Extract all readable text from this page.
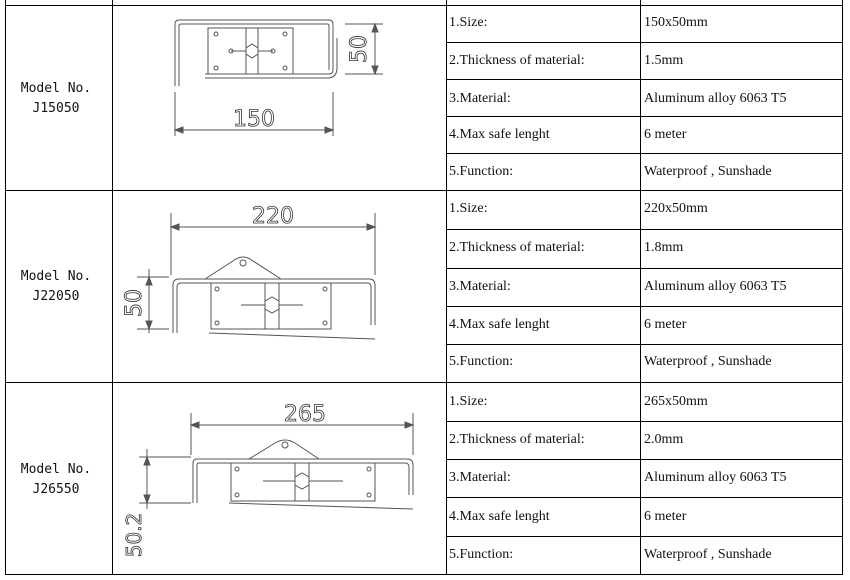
Model No.
J15050	150
50
1.Size:	150x50mm
2.Thickness of material:	1.5mm
3.Material:	Aluminum alloy 6063 T5
4.Max safe lenght	6 meter
5.Function:	Waterproof , Sunshade
Model No.
J22050
220
50
1.Size:	220x50mm
2.Thickness of material:	1.8mm
3.Material:	Aluminum alloy 6063 T5
4.Max safe lenght	6 meter
5.Function:	Waterproof , Sunshade
Model No.
J26550
265
50.2
1.Size:	265x50mm
2.Thickness of material:	2.0mm
3.Material:	Aluminum alloy 6063 T5
4.Max safe lenght	6 meter
5.Function:	Waterproof , Sunshade
